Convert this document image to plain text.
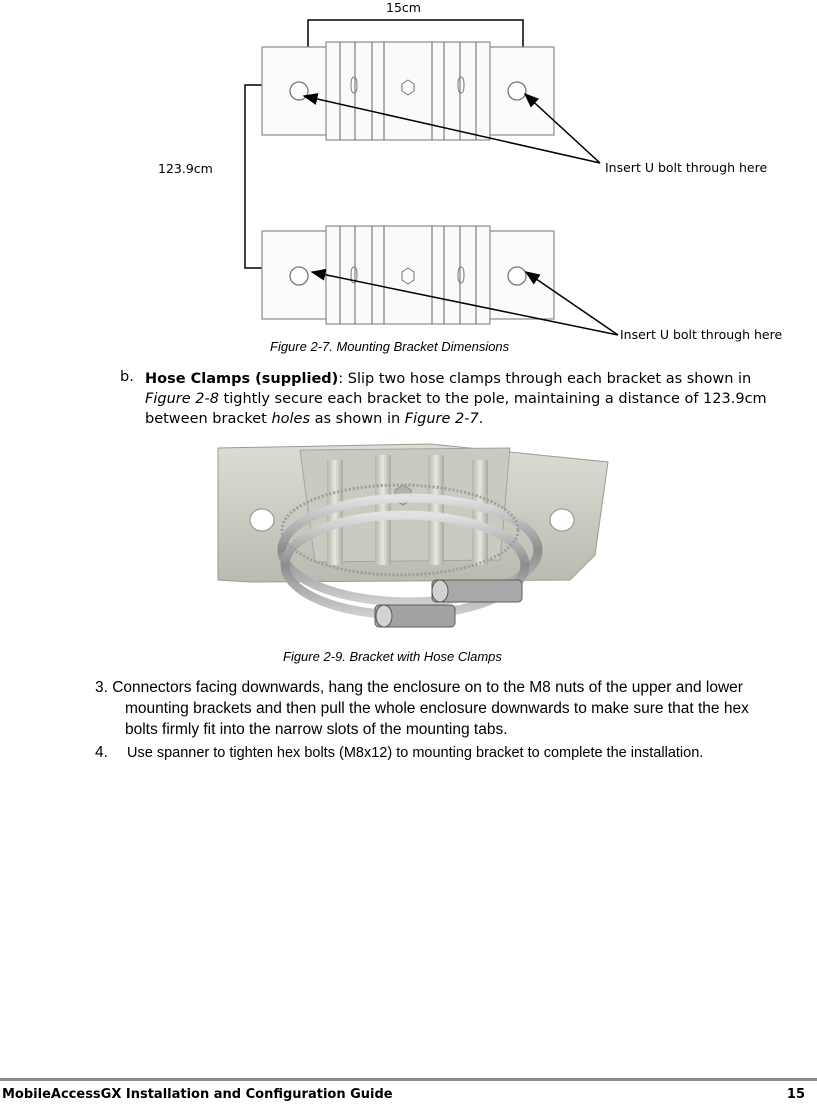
15cm
123.9cm	Insert U bolt through here
Insert U bolt through here
Figure 2-7. Mounting Bracket Dimensions
b. Hose Clamps (supplied): Slip two hose clamps through each bracket as shown in
Figure 2-8 tightly secure each bracket to the pole, maintaining a distance of 123.9cm
between bracket holes as shown in Figure 2-7.
Figure 2-9. Bracket with Hose Clamps
3. Connectors facing downwards, hang the enclosure on to the M8 nuts of the upper and lower
mounting brackets and then pull the whole enclosure downwards to make sure that the hex
bolts firmly fit into the narrow slots of the mounting tabs.
4. Use spanner to tighten hex bolts (M8x12) to mounting bracket to complete the installation.
MobileAccessGX Installation and Configuration Guide	15
